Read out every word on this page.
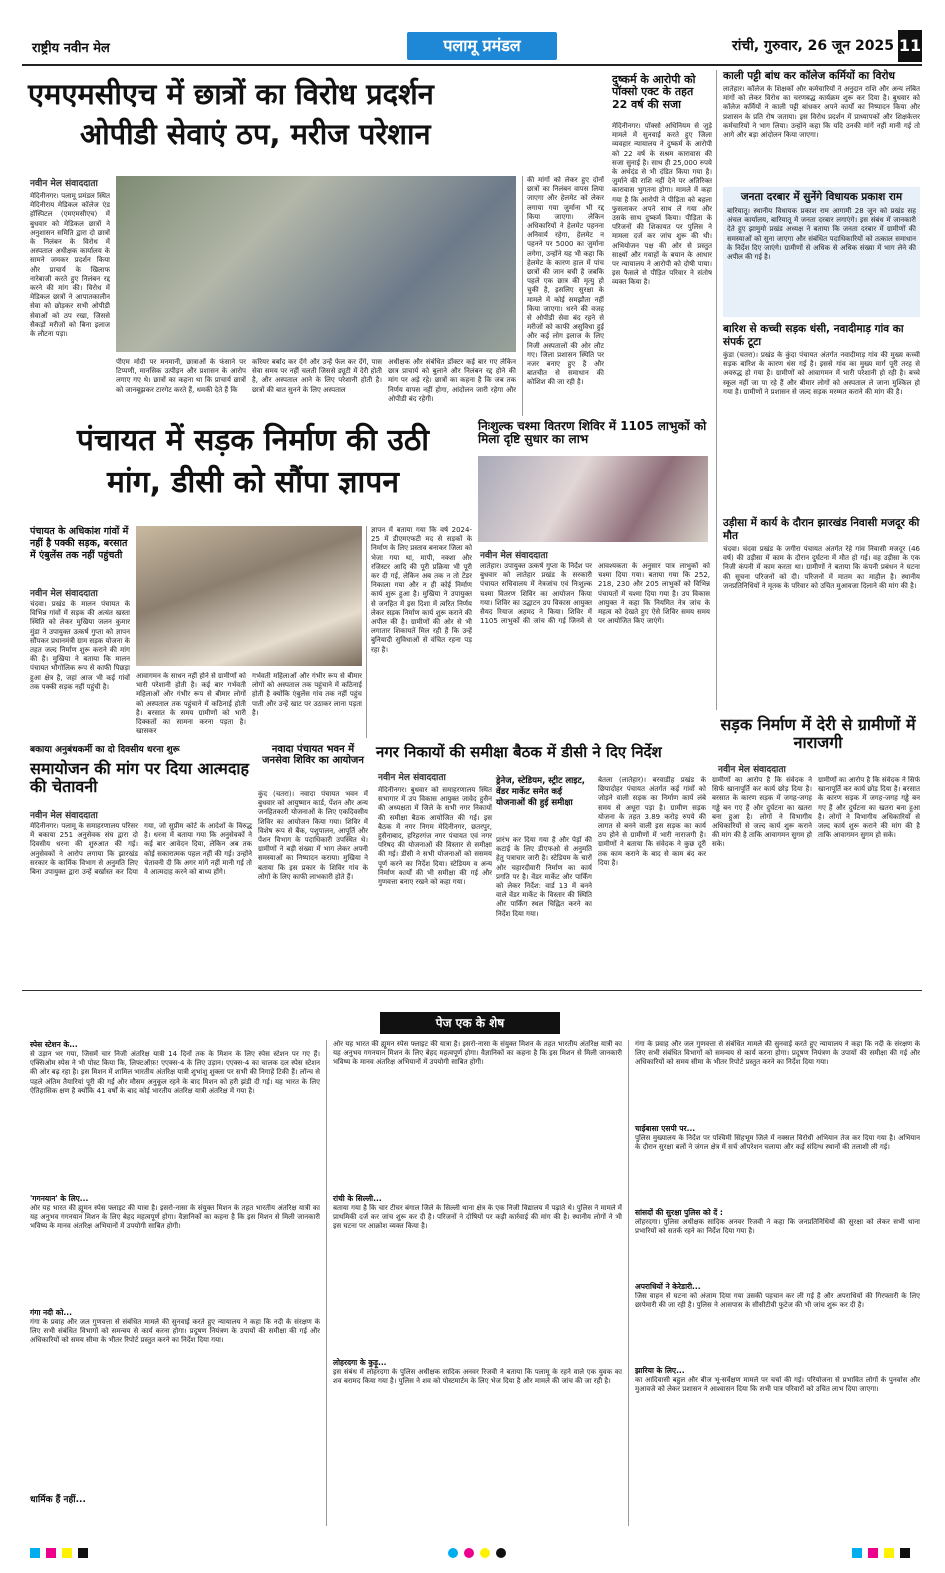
राष्ट्रीय नवीन मेल	पलामू प्रमंडल	रांची, गुरुवार, 26 जून 2025 11
एमएमसीएच में छात्रों का विरोध प्रदर्शन
ओपीडी सेवाएं ठप, मरीज परेशान
नवीन मेल संवाददाता
मेदिनीनगर। पलामू प्रमंडल स्थित मेदिनीराय मेडिकल कॉलेज एंड हॉस्पिटल (एमएमसीएच) में बुधवार को मेडिकल छात्रों ने अनुशासन समिति द्वारा दो छात्रों के निलंबन के विरोध में अस्पताल अधीक्षक कार्यालय के सामने जमकर प्रदर्शन किया और प्राचार्य के खिलाफ नारेबाजी करते हुए निलंबन रद्द करने की मांग की। विरोध में मेडिकल छात्रों ने आपातकालीन सेवा को छोड़कर सभी ओपीडी सेवाओं को ठप रखा, जिससे सैकड़ों मरीजों को बिना इलाज के लौटना पड़ा।
पीएम मोदी पर मनमानी, छात्राओं के फंसाने पर टिप्पणी, मानसिक उत्पीड़न और प्रशासन के आरोप लगाए गए थे। छात्रों का कहना था कि प्राचार्य छात्रों को जानबूझकर टारगेट करते हैं, धमकी देते हैं कि
करियर बर्बाद कर देंगे और उन्हें फेल कर देंगे, पास सेवा समय पर नहीं चलती जिससे ड्यूटी में देरी होती है, और अस्पताल आने के लिए परेशानी होती है। छात्रों की बात सुनने के लिए अस्पताल
अधीक्षक और संबंधित डॉक्टर कई बार गए लेकिन छात्र प्राचार्य को बुलाने और निलंबन रद्द होने की मांग पर अड़े रहे। छात्रों का कहना है कि जब तक निर्णय वापस नहीं होगा, आंदोलन जारी रहेगा और ओपीडी बंद रहेगी।
की मांगों को लेकर हुए दोनों छात्रों का निलंबन वापस लिया जाएगा और हेलमेट को लेकर लगाया गया जुर्माना भी रद्द किया जाएगा। लेकिन अधिकारियों ने हेलमेट पहनना अनिवार्य रहेगा, हेलमेट न पहनने पर 5000 का जुर्माना लगेगा, उन्होंने यह भी कहा कि हेलमेट के कारण हाल में पांच छात्रों की जान बची है जबकि पहले एक छात्र की मृत्यु हो चुकी है, इसलिए सुरक्षा के मामले में कोई समझौता नहीं किया जाएगा। धरने की वजह से ओपीडी सेवा बंद रहने से मरीजों को काफी असुविधा हुई और कई लोग इलाज के लिए निजी अस्पतालों की ओर लौट गए। जिला प्रशासन स्थिति पर नजर बनाए हुए है और बातचीत से समाधान की कोशिश की जा रही है।
दुष्कर्म के आरोपी को पॉक्सो एक्ट के तहत 22 वर्ष की सजा
मेदिनीनगर। पॉक्सो अधिनियम से जुड़े मामले में सुनवाई करते हुए जिला व्यवहार न्यायालय ने दुष्कर्म के आरोपी को 22 वर्ष के सश्रम कारावास की सजा सुनाई है। साथ ही 25,000 रुपये के अर्थदंड से भी दंडित किया गया है। जुर्माने की राशि नहीं देने पर अतिरिक्त कारावास भुगतना होगा। मामले में कहा गया है कि आरोपी ने पीड़िता को बहला फुसलाकर अपने साथ ले गया और उसके साथ दुष्कर्म किया। पीड़िता के परिजनों की शिकायत पर पुलिस ने मामला दर्ज कर जांच शुरू की थी। अभियोजन पक्ष की ओर से प्रस्तुत साक्ष्यों और गवाहों के बयान के आधार पर न्यायालय ने आरोपी को दोषी पाया। इस फैसले से पीड़ित परिवार ने संतोष व्यक्त किया है।
काली पट्टी बांध कर कॉलेज कर्मियों का विरोध
लातेहार। कॉलेज के शिक्षकों और कर्मचारियों ने अनुदान राशि और अन्य लंबित मांगों को लेकर विरोध का चरणबद्ध कार्यक्रम शुरू कर दिया है। बुधवार को कॉलेज कर्मियों ने काली पट्टी बांधकर अपने कार्यों का निष्पादन किया और प्रशासन के प्रति रोष जताया। इस विरोध प्रदर्शन में प्राध्यापकों और शिक्षकेत्तर कर्मचारियों ने भाग लिया। उन्होंने कहा कि यदि उनकी मांगें नहीं मानी गई तो आगे और बड़ा आंदोलन किया जाएगा।
जनता दरबार में सुनेंगे विधायक प्रकाश राम
बारियातू। स्थानीय विधायक प्रकाश राम आगामी 28 जून को प्रखंड सह अंचल कार्यालय, बारियातू में जनता दरबार लगाएंगे। इस संबंध में जानकारी देते हुए झामुमो प्रखंड अध्यक्ष ने बताया कि जनता दरबार में ग्रामीणों की समस्याओं को सुना जाएगा और संबंधित पदाधिकारियों को तत्काल समाधान के निर्देश दिए जाएंगे। ग्रामीणों से अधिक से अधिक संख्या में भाग लेने की अपील की गई है।
बारिश से कच्ची सड़क धंसी, नवादीमाड़ गांव का संपर्क टूटा
कुंडा (चतरा)। प्रखंड के कुंदा पंचायत अंतर्गत नवादीमाड़ गांव की मुख्य कच्ची सड़क बारिश के कारण धंस गई है। इससे गांव का मुख्य मार्ग पूरी तरह से अवरुद्ध हो गया है। ग्रामीणों को आवागमन में भारी परेशानी हो रही है। बच्चे स्कूल नहीं जा पा रहे हैं और बीमार लोगों को अस्पताल ले जाना मुश्किल हो गया है। ग्रामीणों ने प्रशासन से जल्द सड़क मरम्मत कराने की मांग की है।
उड़ीसा में कार्य के दौरान झारखंड निवासी मजदूर की मौत
चंदवा। चंदवा प्रखंड के जगीरा पंचायत अंतर्गत रेहे गांव निवासी मजदूर (46 वर्ष) की उड़ीसा में काम के दौरान दुर्घटना में मौत हो गई। वह उड़ीसा के एक निजी कंपनी में काम करता था। ग्रामीणों ने बताया कि कंपनी प्रबंधन ने घटना की सूचना परिजनों को दी। परिजनों में मातम का माहौल है। स्थानीय जनप्रतिनिधियों ने मृतक के परिवार को उचित मुआवजा दिलाने की मांग की है।
पंचायत में सड़क निर्माण की उठी
मांग, डीसी को सौंपा ज्ञापन
पंचायत के अधिकांश गांवों में नहीं है पक्की सड़क, बरसात में एंबुलेंस तक नहीं पहुंचती
नवीन मेल संवाददाता
चंदवा। प्रखंड के मालन पंचायत के विभिन्न गांवों में सड़क की अत्यंत खस्ता स्थिति को लेकर मुखिया जलन कुमार मुंडा ने उपायुक्त उत्कर्ष गुप्ता को ज्ञापन सौंपकर प्रधानमंत्री ग्राम सड़क योजना के तहत जल्द निर्माण शुरू कराने की मांग की है। मुखिया ने बताया कि मालन पंचायत भौगोलिक रूप से काफी पिछड़ा हुआ क्षेत्र है, जहां आज भी कई गांवों तक पक्की सड़क नहीं पहुंची है।
आवागमन के साधन नहीं होने से ग्रामीणों को भारी परेशानी होती है। कई बार गर्भवती महिलाओं और गंभीर रूप से बीमार लोगों को अस्पताल तक पहुंचाने में कठिनाई होती है। बरसात के समय ग्रामीणों को भारी दिक्कतों का सामना करना पड़ता है। खासकर
गर्भवती महिलाओं और गंभीर रूप से बीमार लोगों को अस्पताल तक पहुंचाने में कठिनाई होती है क्योंकि एंबुलेंस गांव तक नहीं पहुंच पाती और उन्हें खाट पर उठाकर लाना पड़ता है।
ज्ञापन में बताया गया कि वर्ष 2024-25 में डीएमएफटी मद से सड़कों के निर्माण के लिए प्रस्ताव बनाकर जिला को भेजा गया था, मापी, नक्शा और रजिस्टर आदि की पूरी प्रक्रिया भी पूरी कर दी गई, लेकिन अब तक न तो टेंडर निकाला गया और न ही कोई निर्माण कार्य शुरू हुआ है। मुखिया ने उपायुक्त से जनहित में इस दिशा में त्वरित निर्णय लेकर सड़क निर्माण कार्य शुरू कराने की अपील की है। ग्रामीणों की ओर से भी लगातार शिकायतें मिल रही हैं कि उन्हें बुनियादी सुविधाओं से वंचित रहना पड़ रहा है।
निःशुल्क चश्मा वितरण शिविर में 1105 लाभुकों को मिला दृष्टि सुधार का लाभ
नवीन मेल संवाददाता
लातेहार। उपायुक्त उत्कर्ष गुप्ता के निर्देश पर बुधवार को लातेहार प्रखंड के सरकारी पंचायत सचिवालय में नेत्रजांच एवं निःशुल्क चश्मा वितरण शिविर का आयोजन किया गया। शिविर का उद्घाटन उप विकास आयुक्त सैयद रियाज अहमद ने किया। शिविर में 1105 लाभुकों की जांच की गई जिनमें से आवश्यकता के अनुसार पात्र लाभुकों को चश्मा दिया गया। बताया गया कि 252, 218, 230 और 205 लाभुकों को विभिन्न पंचायतों में चश्मा दिया गया है। उप विकास आयुक्त ने कहा कि नियमित नेत्र जांच के महत्व को देखते हुए ऐसे शिविर समय समय पर आयोजित किए जाएंगे।
बकाया अनुबंधकर्मी का दो दिवसीय धरना शुरू
समायोजन की मांग पर दिया आत्मदाह की चेतावनी
नवीन मेल संवाददाता
मेदिनीनगर। पलामू के समाहरणालय परिसर में बकाया 251 अनुसेवक संघ द्वारा दो दिवसीय धरना की शुरुआत की गई। अनुसेवकों ने आरोप लगाया कि झारखंड सरकार के कार्मिक विभाग से अनुमति लिए बिना उपायुक्त द्वारा उन्हें बर्खास्त कर दिया गया, जो सुप्रीम कोर्ट के आदेशों के विरुद्ध है। धरना में बताया गया कि अनुसेवकों ने कई बार आवेदन दिया, लेकिन अब तक कोई सकारात्मक पहल नहीं की गई। उन्होंने चेतावनी दी कि अगर मांगें नहीं मानी गई तो वे आत्मदाह करने को बाध्य होंगे।
नवादा पंचायत भवन में जनसेवा शिविर का आयोजन
कुंद (चतरा)। नवादा पंचायत भवन में बुधवार को आयुष्मान कार्ड, पेंशन और अन्य जनहितकारी योजनाओं के लिए एकदिवसीय शिविर का आयोजन किया गया। शिविर में विशेष रूप से बैंक, पशुपालन, आपूर्ति और पेंशन विभाग के पदाधिकारी उपस्थित थे। ग्रामीणों ने बड़ी संख्या में भाग लेकर अपनी समस्याओं का निष्पादन कराया। मुखिया ने बताया कि इस प्रकार के शिविर गांव के लोगों के लिए काफी लाभकारी होते हैं।
नगर निकायों की समीक्षा बैठक में डीसी ने दिए निर्देश
नवीन मेल संवाददाता	ड्रेनेज, स्टेडियम, स्ट्रीट लाइट, वेंडर मार्केट समेत कई योजनाओं की हुई समीक्षा
मेदिनीनगर। बुधवार को समाहरणालय स्थित सभागार में उप विकास आयुक्त जावेद हुसैन की अध्यक्षता में जिले के सभी नगर निकायों की समीक्षा बैठक आयोजित की गई। इस बैठक में नगर निगम मेदिनीनगर, छतरपुर, हुसैनाबाद, हरिहरगंज नगर पंचायत एवं नगर परिषद की योजनाओं की विस्तार से समीक्षा की गई। डीसी ने सभी योजनाओं को ससमय पूर्ण करने का निर्देश दिया। स्टेडियम व अन्य निर्माण कार्यों की भी समीक्षा की गई और गुणवत्ता बनाए रखने को कहा गया।
प्रारंभ कर दिया गया है और पेड़ों की कटाई के लिए डीएफओ से अनुमति हेतु पत्राचार जारी है। स्टेडियम के चारों ओर चहारदीवारी निर्माण का कार्य प्रगति पर है। वेंडर मार्केट और पार्किंग को लेकर निर्देश: वार्ड 13 में बनने वाले वेंडर मार्केट के विस्तार की स्थिति और पार्किंग स्थल चिह्नित करने का निर्देश दिया गया।
सड़क निर्माण में देरी से ग्रामीणों में नाराजगी
नवीन मेल संवाददाता
बेतला (लातेहार)। बरवाडीह प्रखंड के छिपादोहर पंचायत अंतर्गत कई गांवों को जोड़ने वाली सड़क का निर्माण कार्य लंबे समय से अधूरा पड़ा है। ग्रामीण सड़क योजना के तहत 3.89 करोड़ रुपये की लागत से बनने वाली इस सड़क का कार्य ठप होने से ग्रामीणों में भारी नाराजगी है। ग्रामीणों ने बताया कि संवेदक ने कुछ दूरी तक काम कराने के बाद से काम बंद कर दिया है।
ग्रामीणों का आरोप है कि संवेदक ने सिर्फ खानापूर्ति कर कार्य छोड़ दिया है। बरसात के कारण सड़क में जगह-जगह गड्ढे बन गए हैं और दुर्घटना का खतरा बना हुआ है। लोगों ने विभागीय अधिकारियों से जल्द कार्य शुरू कराने की मांग की है ताकि आवागमन सुगम हो सके।
ग्रामीणों का आरोप है कि संवेदक ने सिर्फ खानापूर्ति कर कार्य छोड़ दिया है। बरसात के कारण सड़क में जगह-जगह गड्ढे बन गए हैं और दुर्घटना का खतरा बना हुआ है। लोगों ने विभागीय अधिकारियों से जल्द कार्य शुरू कराने की मांग की है ताकि आवागमन सुगम हो सके।
पेज एक के शेष
स्पेस स्टेशन के...
से उड़ान भर गया, जिसमें चार निजी अंतरिक्ष यात्री 14 दिनों तक के मिशन के लिए स्पेस स्टेशन पर गए हैं। एक्सिओम स्पेस ने भी पोस्ट किया कि, लिफ्टऑफ़! एएक्स-4 के लिए उड़ान। एएक्स-4 का चालक दल स्पेस स्टेशन की ओर बढ़ रहा है। इस मिशन में शामिल भारतीय अंतरिक्ष यात्री शुभांशु शुक्ला पर सभी की निगाहें टिकी हैं। लॉन्च से पहले अंतिम तैयारियां पूरी की गईं और मौसम अनुकूल रहने के बाद मिशन को हरी झंडी दी गई। यह भारत के लिए ऐतिहासिक क्षण है क्योंकि 41 वर्षों के बाद कोई भारतीय अंतरिक्ष यात्री अंतरिक्ष में गया है।
'गगनयान' के लिए...
ओर यह भारत की ह्यूमन स्पेस फ्लाइट की यात्रा है। इसरो-नासा के संयुक्त मिशन के तहत भारतीय अंतरिक्ष यात्री का यह अनुभव गगनयान मिशन के लिए बेहद महत्वपूर्ण होगा। वैज्ञानिकों का कहना है कि इस मिशन से मिली जानकारी भविष्य के मानव अंतरिक्ष अभियानों में उपयोगी साबित होगी।
गंगा नदी को...
गंगा के प्रवाह और जल गुणवत्ता से संबंधित मामले की सुनवाई करते हुए न्यायालय ने कहा कि नदी के संरक्षण के लिए सभी संबंधित विभागों को समन्वय से कार्य करना होगा। प्रदूषण नियंत्रण के उपायों की समीक्षा की गई और अधिकारियों को समय सीमा के भीतर रिपोर्ट प्रस्तुत करने का निर्देश दिया गया।
धार्मिक हैं नहीं...
ओर यह भारत की ह्यूमन स्पेस फ्लाइट की यात्रा है। इसरो-नासा के संयुक्त मिशन के तहत भारतीय अंतरिक्ष यात्री का यह अनुभव गगनयान मिशन के लिए बेहद महत्वपूर्ण होगा। वैज्ञानिकों का कहना है कि इस मिशन से मिली जानकारी भविष्य के मानव अंतरिक्ष अभियानों में उपयोगी साबित होगी।
रांची के सिल्ली...
बताया गया है कि चार टीचर बंगाल जिले के सिल्ली थाना क्षेत्र के एक निजी विद्यालय में पढ़ाते थे। पुलिस ने मामले में प्राथमिकी दर्ज कर जांच शुरू कर दी है। परिजनों ने दोषियों पर कड़ी कार्रवाई की मांग की है। स्थानीय लोगों ने भी इस घटना पर आक्रोश व्यक्त किया है।
लोहरदगा के कुड़ू...
इस संबंध में लोहरदगा के पुलिस अधीक्षक सादिक अनवर रिजवी ने बताया कि पलामू के रहने वाले एक युवक का शव बरामद किया गया है। पुलिस ने शव को पोस्टमार्टम के लिए भेज दिया है और मामले की जांच की जा रही है।
गंगा के प्रवाह और जल गुणवत्ता से संबंधित मामले की सुनवाई करते हुए न्यायालय ने कहा कि नदी के संरक्षण के लिए सभी संबंधित विभागों को समन्वय से कार्य करना होगा। प्रदूषण नियंत्रण के उपायों की समीक्षा की गई और अधिकारियों को समय सीमा के भीतर रिपोर्ट प्रस्तुत करने का निर्देश दिया गया।
चाईबासा एसपी पर...
पुलिस मुख्यालय के निर्देश पर पश्चिमी सिंहभूम जिले में नक्सल विरोधी अभियान तेज कर दिया गया है। अभियान के दौरान सुरक्षा बलों ने जंगल क्षेत्र में सर्च ऑपरेशन चलाया और कई संदिग्ध स्थानों की तलाशी ली गई।
सांसदों की सुरक्षा पुलिस को दें :
लोहरदगा। पुलिस अधीक्षक सादिक अनवर रिजवी ने कहा कि जनप्रतिनिधियों की सुरक्षा को लेकर सभी थाना प्रभारियों को सतर्क रहने का निर्देश दिया गया है।
अपराधियों ने केरेडारी...
जिस वाहन से घटना को अंजाम दिया गया उसकी पहचान कर ली गई है और अपराधियों की गिरफ्तारी के लिए छापेमारी की जा रही है। पुलिस ने आसपास के सीसीटीवी फुटेज की भी जांच शुरू कर दी है।
झारिया के लिए...
का आदिवासी बहुल और बीज भू-सर्वेक्षण मामले पर चर्चा की गई। परियोजना से प्रभावित लोगों के पुनर्वास और मुआवजे को लेकर प्रशासन ने आश्वासन दिया कि सभी पात्र परिवारों को उचित लाभ दिया जाएगा।
